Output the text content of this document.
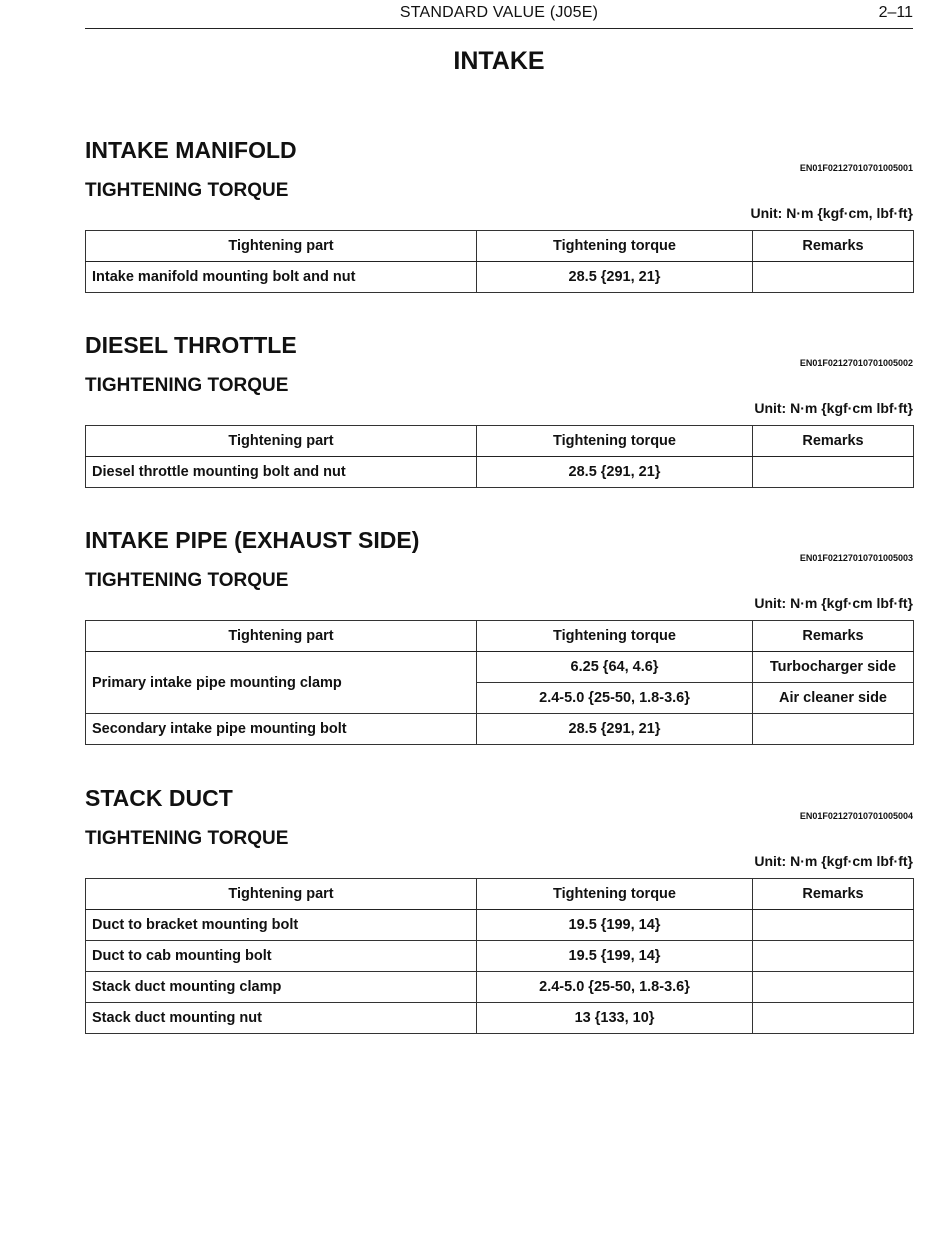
STANDARD VALUE (J05E)	2–11
INTAKE
INTAKE MANIFOLD
EN01F02127010701005001
TIGHTENING TORQUE
Unit: N·m {kgf·cm, lbf·ft}
Tightening part	Tightening torque	Remarks
Intake manifold mounting bolt and nut	28.5 {291, 21}	
DIESEL THROTTLE
EN01F02127010701005002
TIGHTENING TORQUE
Unit: N·m {kgf·cm lbf·ft}
Tightening part	Tightening torque	Remarks
Diesel throttle mounting bolt and nut	28.5 {291, 21}	
INTAKE PIPE (EXHAUST SIDE)
EN01F02127010701005003
TIGHTENING TORQUE
Unit: N·m {kgf·cm lbf·ft}
Tightening part	Tightening torque	Remarks
Primary intake pipe mounting clamp	6.25 {64, 4.6}	Turbocharger side
	2.4-5.0 {25-50, 1.8-3.6}	Air cleaner side
Secondary intake pipe mounting bolt	28.5 {291, 21}	
STACK DUCT
EN01F02127010701005004
TIGHTENING TORQUE
Unit: N·m {kgf·cm lbf·ft}
Tightening part	Tightening torque	Remarks
Duct to bracket mounting bolt	19.5 {199, 14}	
Duct to cab mounting bolt	19.5 {199, 14}	
Stack duct mounting clamp	2.4-5.0 {25-50, 1.8-3.6}	
Stack duct mounting nut	13 {133, 10}	
